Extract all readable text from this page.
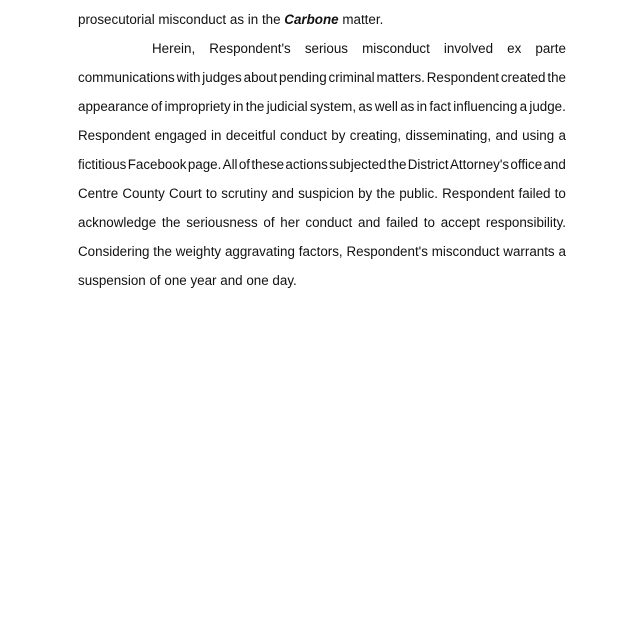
prosecutorial misconduct as in the Carbone matter.
Herein, Respondent's serious misconduct involved ex parte
communications with judges about pending criminal matters. Respondent created the
appearance of impropriety in the judicial system, as well as in fact influencing a judge.
Respondent engaged in deceitful conduct by creating, disseminating, and using a
fictitious Facebook page. All of these actions subjected the District Attorney's office and
Centre County Court to scrutiny and suspicion by the public. Respondent failed to
acknowledge the seriousness of her conduct and failed to accept responsibility.
Considering the weighty aggravating factors, Respondent's misconduct warrants a
suspension of one year and one day.
